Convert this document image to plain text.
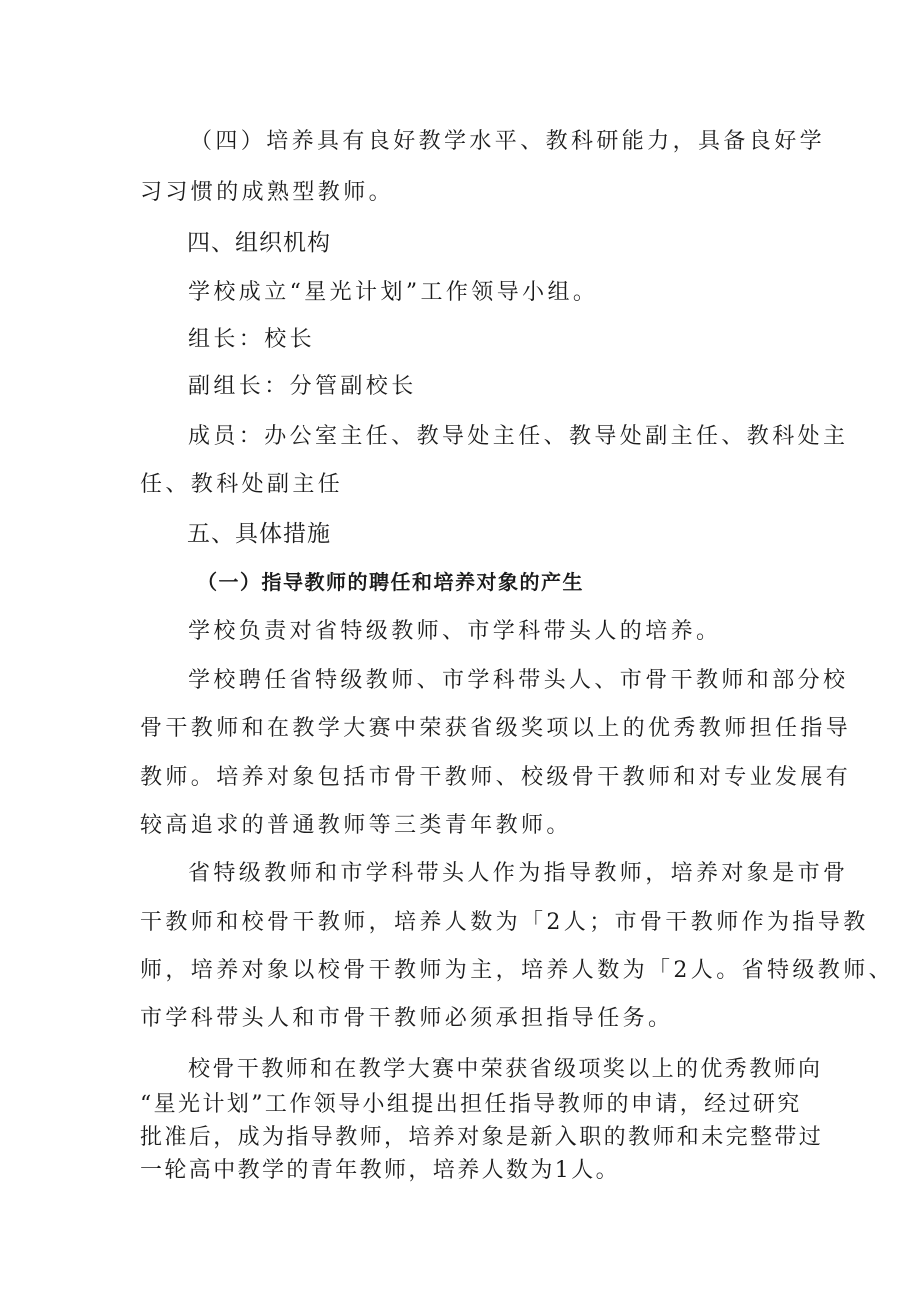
（四）培养具有良好教学水平、教科研能力，具备良好学
习习惯的成熟型教师。
四、组织机构
学校成立“星光计划”工作领导小组。
组长：校长
副组长：分管副校长
成员：办公室主任、教导处主任、教导处副主任、教科处主
任、教科处副主任
五、具体措施
（一）指导教师的聘任和培养对象的产生
学校负责对省特级教师、市学科带头人的培养。
学校聘任省特级教师、市学科带头人、市骨干教师和部分校
骨干教师和在教学大赛中荣获省级奖项以上的优秀教师担任指导
教师。培养对象包括市骨干教师、校级骨干教师和对专业发展有
较高追求的普通教师等三类青年教师。
省特级教师和市学科带头人作为指导教师，培养对象是市骨
干教师和校骨干教师，培养人数为「2人；市骨干教师作为指导教
师，培养对象以校骨干教师为主，培养人数为「2人。省特级教师、
市学科带头人和市骨干教师必须承担指导任务。
校骨干教师和在教学大赛中荣获省级项奖以上的优秀教师向
“星光计划”工作领导小组提出担任指导教师的申请，经过研究
批准后，成为指导教师，培养对象是新入职的教师和未完整带过
一轮高中教学的青年教师，培养人数为1人。
